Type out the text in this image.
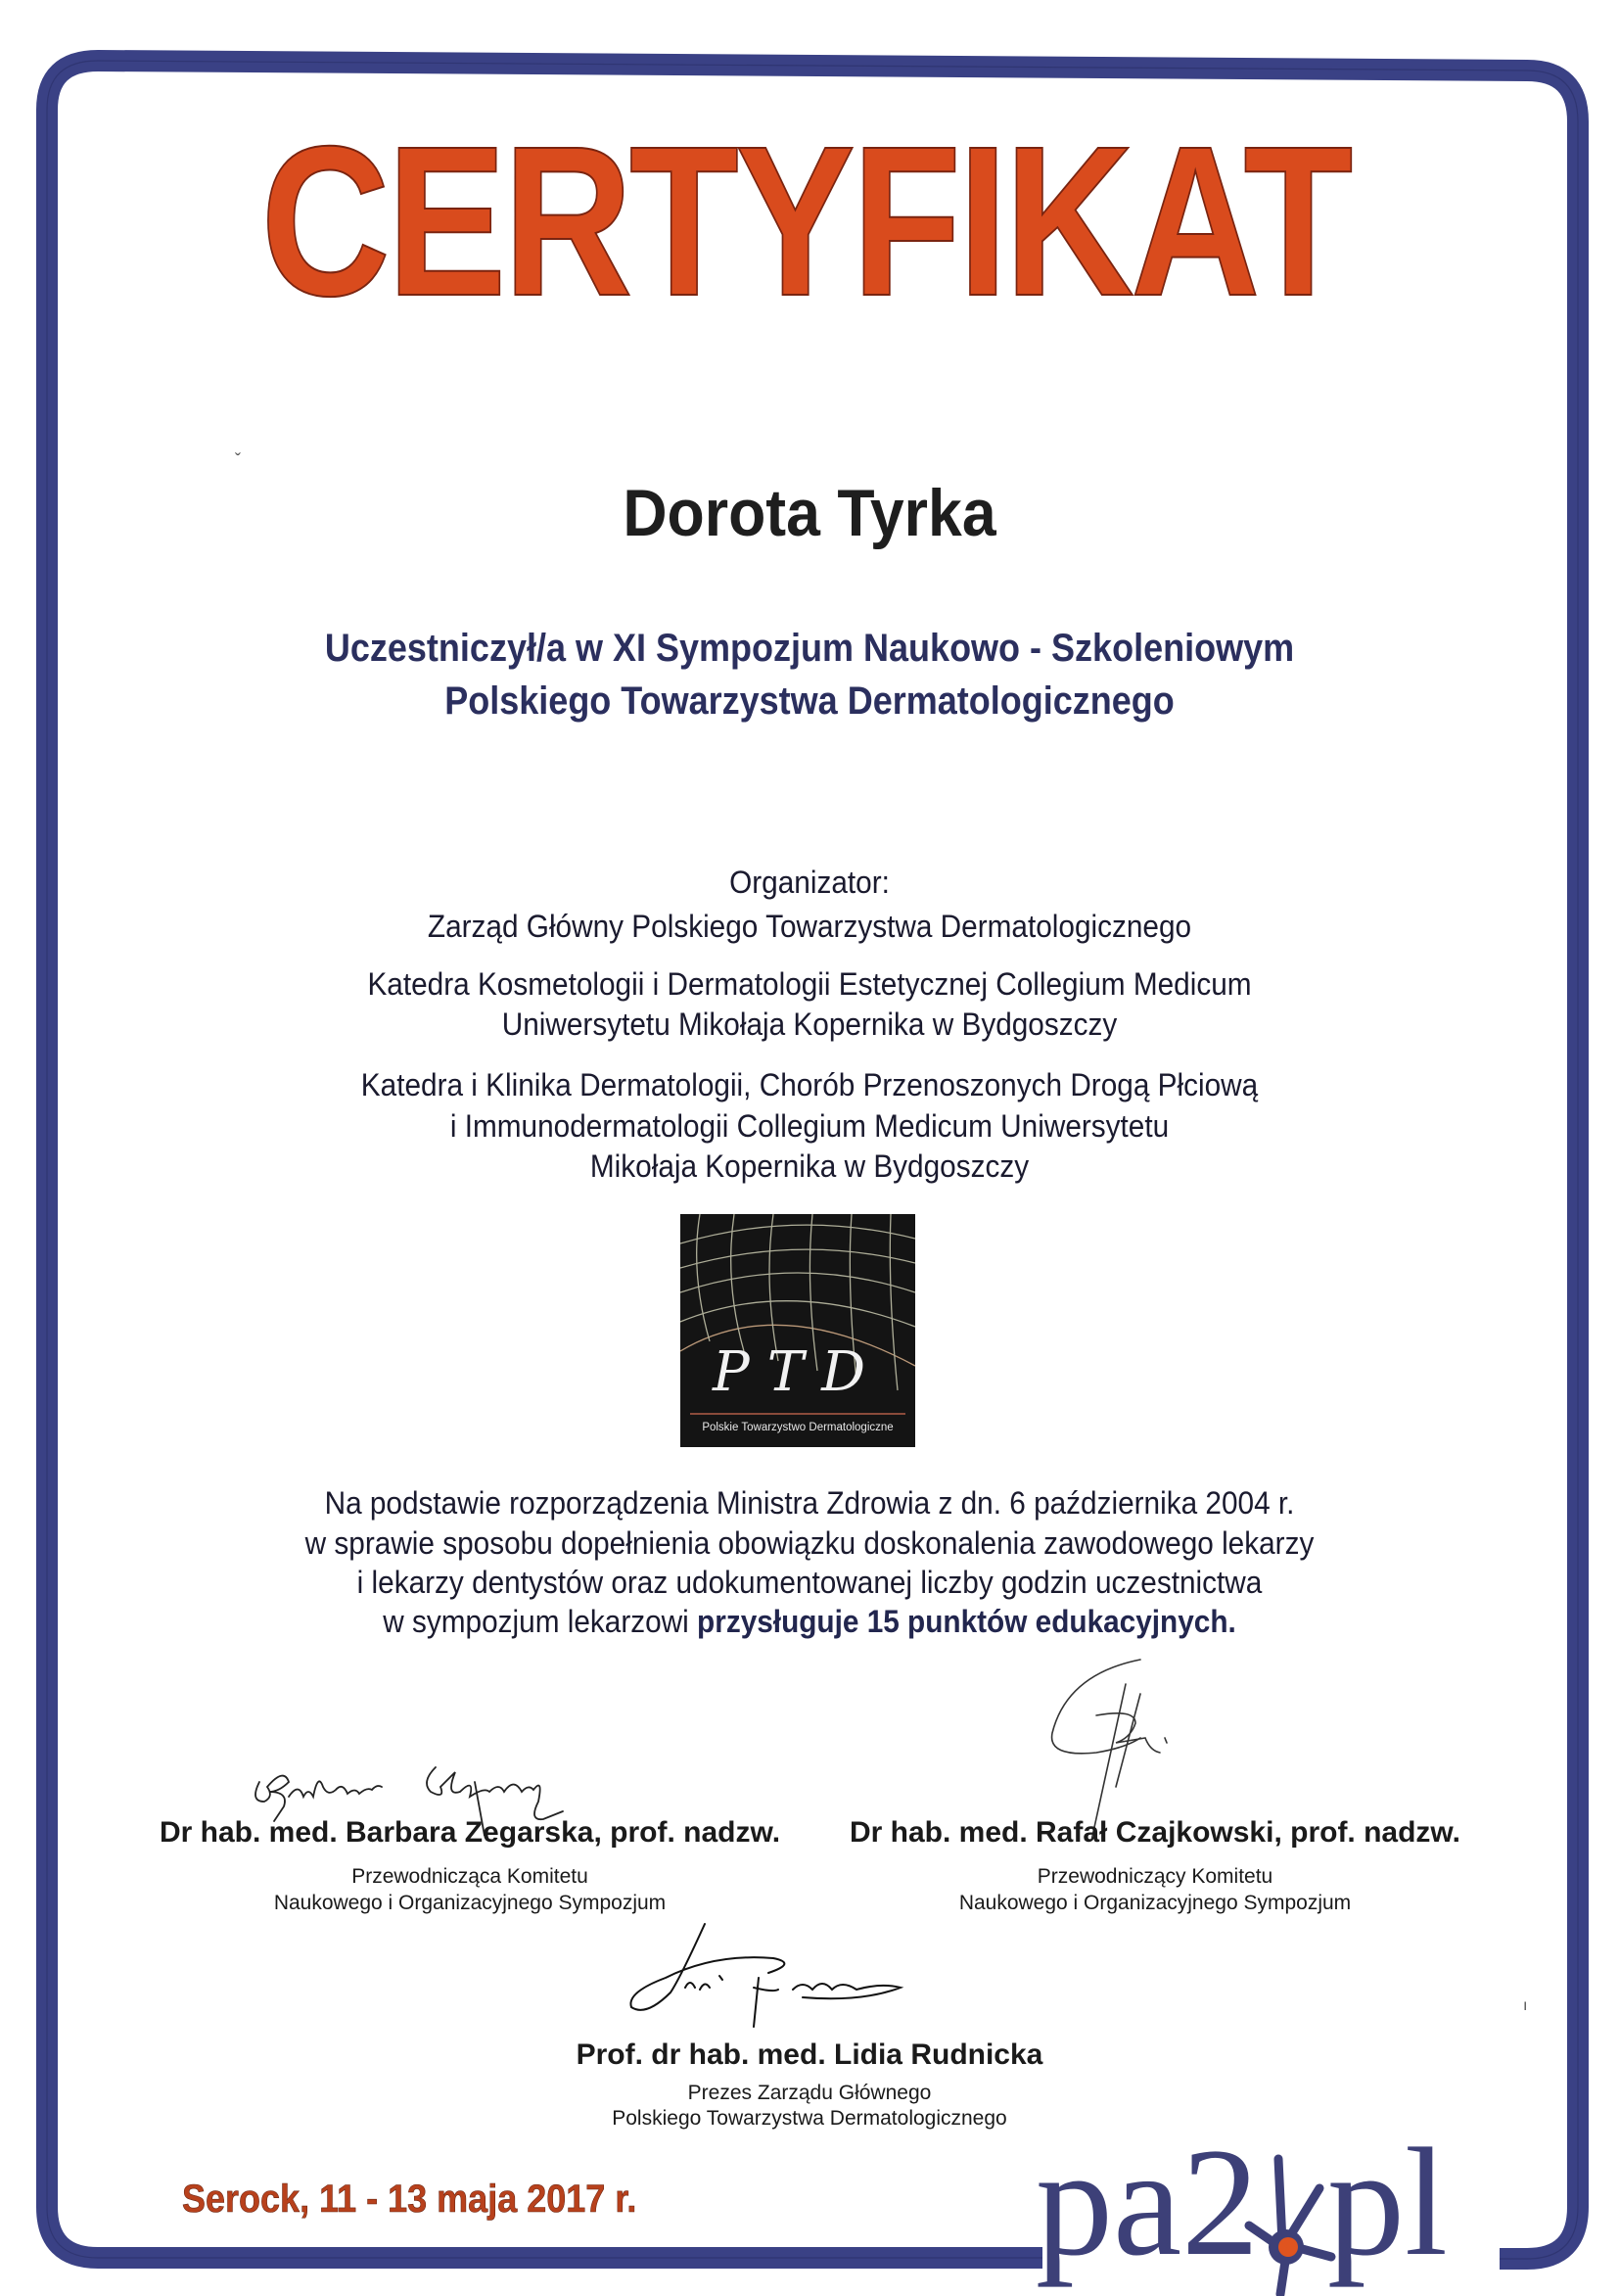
CERTYFIKAT
ˇ
Dorota Tyrka
Uczestniczył/a w XI Sympozjum Naukowo - Szkoleniowym
Polskiego Towarzystwa Dermatologicznego
Organizator:
Zarząd Główny Polskiego Towarzystwa Dermatologicznego
Katedra Kosmetologii i Dermatologii Estetycznej Collegium Medicum
Uniwersytetu Mikołaja Kopernika w Bydgoszczy
Katedra i Klinika Dermatologii, Chorób Przenoszonych Drogą Płciową
i Immunodermatologii Collegium Medicum Uniwersytetu
Mikołaja Kopernika w Bydgoszczy
PTD
Polskie Towarzystwo Dermatologiczne
Na podstawie rozporządzenia Ministra Zdrowia z dn. 6 października 2004 r.
w sprawie sposobu dopełnienia obowiązku doskonalenia zawodowego lekarzy
i lekarzy dentystów oraz udokumentowanej liczby godzin uczestnictwa
w sympozjum lekarzowi przysługuje 15 punktów edukacyjnych.
Dr hab. med. Barbara Zegarska, prof. nadzw.
Przewodnicząca Komitetu
Naukowego i Organizacyjnego Sympozjum
Dr hab. med. Rafał Czajkowski, prof. nadzw.
Przewodniczący Komitetu
Naukowego i Organizacyjnego Sympozjum
Prof. dr hab. med. Lidia Rudnicka
Prezes Zarządu Głównego
Polskiego Towarzystwa Dermatologicznego
Serock, 11 - 13 maja 2017 r.
ı
pa2 pl
